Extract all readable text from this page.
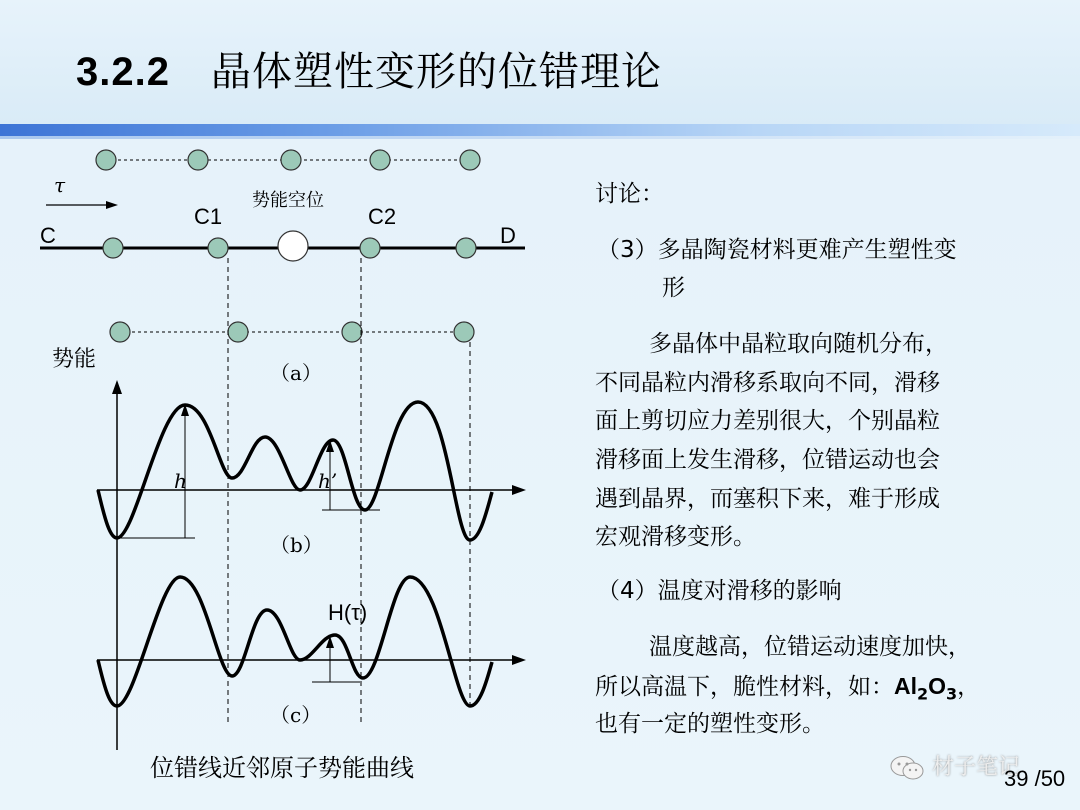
3.2.2 晶体塑性变形的位错理论
τ
势能空位
C
C1	C2
D
势能
（a）
h	h’
（b）
H(τ)
（c）
位错线近邻原子势能曲线
讨论：
（3）多晶陶瓷材料更难产生塑性变
形
多晶体中晶粒取向随机分布，
不同晶粒内滑移系取向不同，滑移
面上剪切应力差别很大，个别晶粒
滑移面上发生滑移，位错运动也会
遇到晶界，而塞积下来，难于形成
宏观滑移变形。
（4）温度对滑移的影响
温度越高，位错运动速度加快，
所以高温下，脆性材料，如：$Al_2O_3$，
也有一定的塑性变形。
材子笔记
39 /50
